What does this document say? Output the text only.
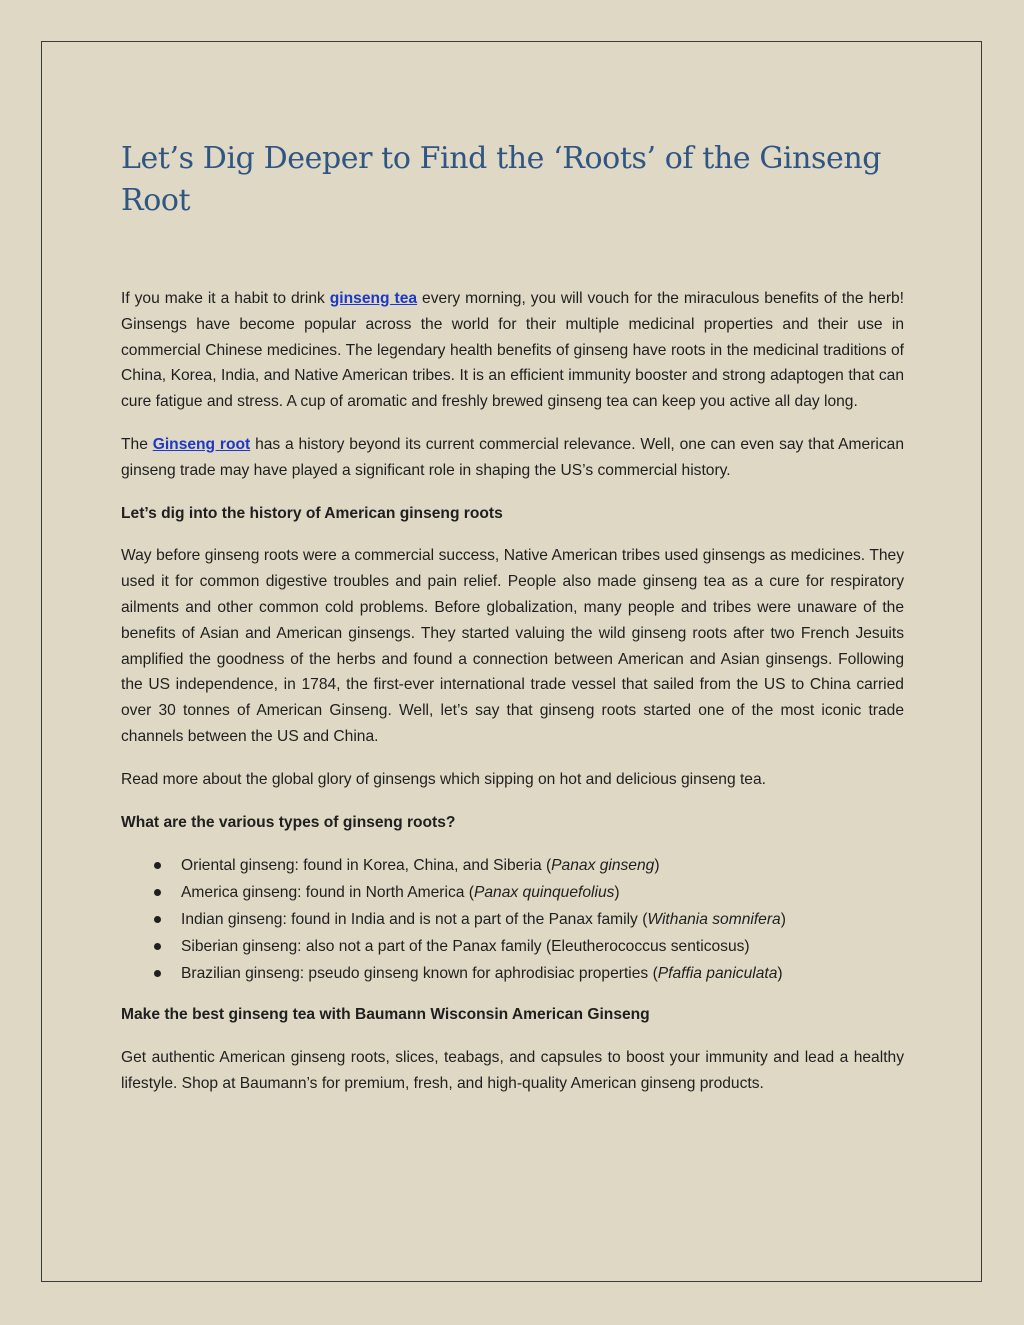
Let’s Dig Deeper to Find the ‘Roots’ of the Ginseng Root

If you make it a habit to drink ginseng tea every morning, you will vouch for the miraculous benefits of the herb! Ginsengs have become popular across the world for their multiple medicinal properties and their use in commercial Chinese medicines. The legendary health benefits of ginseng have roots in the medicinal traditions of China, Korea, India, and Native American tribes. It is an efficient immunity booster and strong adaptogen that can cure fatigue and stress. A cup of aromatic and freshly brewed ginseng tea can keep you active all day long.

The Ginseng root has a history beyond its current commercial relevance. Well, one can even say that American ginseng trade may have played a significant role in shaping the US’s commercial history.

Let’s dig into the history of American ginseng roots

Way before ginseng roots were a commercial success, Native American tribes used ginsengs as medicines. They used it for common digestive troubles and pain relief. People also made ginseng tea as a cure for respiratory ailments and other common cold problems. Before globalization, many people and tribes were unaware of the benefits of Asian and American ginsengs. They started valuing the wild ginseng roots after two French Jesuits amplified the goodness of the herbs and found a connection between American and Asian ginsengs. Following the US independence, in 1784, the first-ever international trade vessel that sailed from the US to China carried over 30 tonnes of American Ginseng. Well, let’s say that ginseng roots started one of the most iconic trade channels between the US and China.

Read more about the global glory of ginsengs which sipping on hot and delicious ginseng tea.

What are the various types of ginseng roots?

Oriental ginseng: found in Korea, China, and Siberia (Panax ginseng)
America ginseng: found in North America (Panax quinquefolius)
Indian ginseng: found in India and is not a part of the Panax family (Withania somnifera)
Siberian ginseng: also not a part of the Panax family (Eleutherococcus senticosus)
Brazilian ginseng: pseudo ginseng known for aphrodisiac properties (Pfaffia paniculata)

Make the best ginseng tea with Baumann Wisconsin American Ginseng

Get authentic American ginseng roots, slices, teabags, and capsules to boost your immunity and lead a healthy lifestyle. Shop at Baumann’s for premium, fresh, and high-quality American ginseng products.
